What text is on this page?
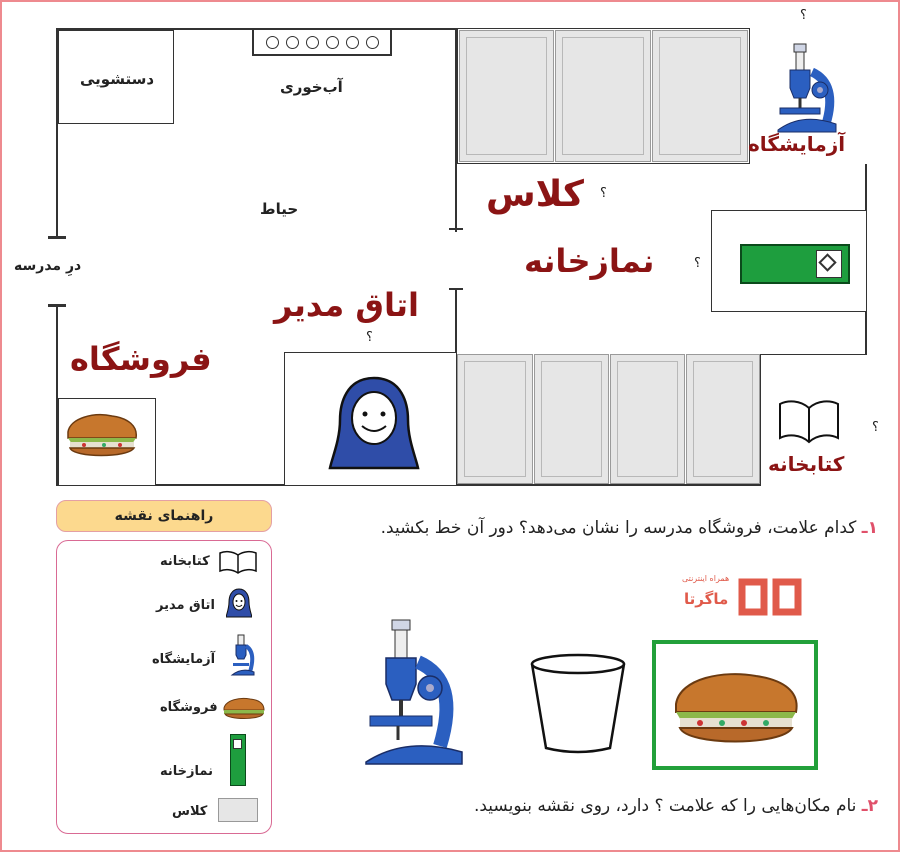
درِ مدرسه
دستشویی	آب‌خوری
حیاط
آزمایشگاه
؟
کلاس ؟
نمازخانه	؟
اتاق مدیر
؟
کتابخانه
؟
فروشگاه
راهنمای نقشه
کتابخانه
اتاق مدیر
آزمایشگاه
فروشگاه
نمازخانه
کلاس
۱ـ کدام علامت، فروشگاه مدرسه را نشان می‌دهد؟ دور آن خط بکشید.
همراه اینترنتی
ماگرتا
۲ـ نام مکان‌هایی را که علامت ؟ دارد، روی نقشه بنویسید.
